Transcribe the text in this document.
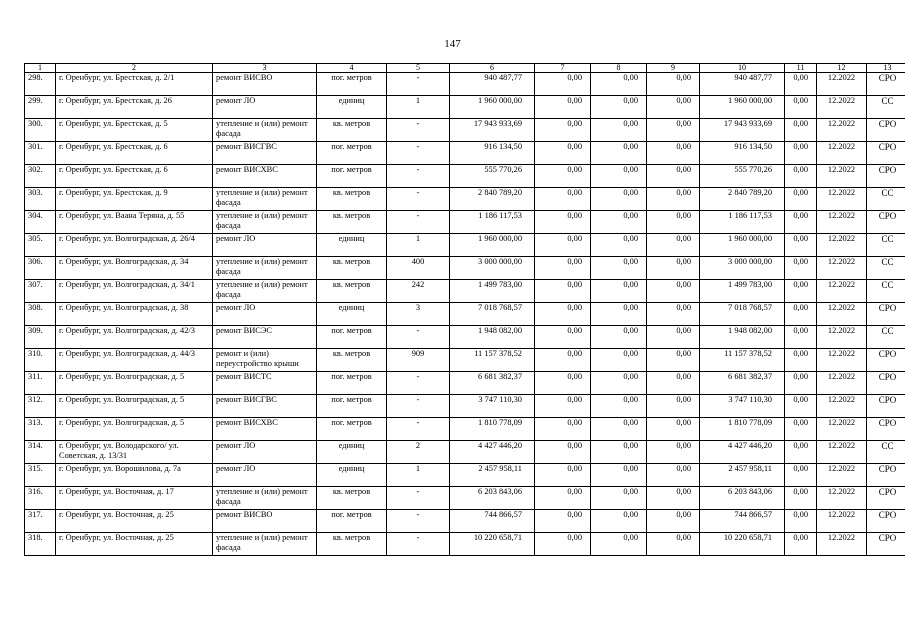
147
1	2	3	4	5	6	7	8	9	10	11	12	13
298.	г. Оренбург, ул. Брестская, д. 2/1	ремонт ВИСВО	пог. метров	-	940 487,77	0,00	0,00	0,00	940 487,77	0,00	12.2022	СРО
299.	г. Оренбург, ул. Брестская, д. 26	ремонт ЛО	единиц	1	1 960 000,00	0,00	0,00	0,00	1 960 000,00	0,00	12.2022	СС
300.	г. Оренбург, ул. Брестская, д. 5	утепление и (или) ремонт фасада	кв. метров	-	17 943 933,69	0,00	0,00	0,00	17 943 933,69	0,00	12.2022	СРО
301.	г. Оренбург, ул. Брестская, д. 6	ремонт ВИСГВС	пог. метров	-	916 134,50	0,00	0,00	0,00	916 134,50	0,00	12.2022	СРО
302.	г. Оренбург, ул. Брестская, д. 6	ремонт ВИСХВС	пог. метров	-	555 770,26	0,00	0,00	0,00	555 770,26	0,00	12.2022	СРО
303.	г. Оренбург, ул. Брестская, д. 9	утепление и (или) ремонт фасада	кв. метров	-	2 840 789,20	0,00	0,00	0,00	2 840 789,20	0,00	12.2022	СС
304.	г. Оренбург, ул. Ваана Теряна, д. 55	утепление и (или) ремонт фасада	кв. метров	-	1 186 117,53	0,00	0,00	0,00	1 186 117,53	0,00	12.2022	СРО
305.	г. Оренбург, ул. Волгоградская, д. 26/4	ремонт ЛО	единиц	1	1 960 000,00	0,00	0,00	0,00	1 960 000,00	0,00	12.2022	СС
306.	г. Оренбург, ул. Волгоградская, д. 34	утепление и (или) ремонт фасада	кв. метров	400	3 000 000,00	0,00	0,00	0,00	3 000 000,00	0,00	12.2022	СС
307.	г. Оренбург, ул. Волгоградская, д. 34/1	утепление и (или) ремонт фасада	кв. метров	242	1 499 783,00	0,00	0,00	0,00	1 499 783,00	0,00	12.2022	СС
308.	г. Оренбург, ул. Волгоградская, д. 38	ремонт ЛО	единиц	3	7 018 768,57	0,00	0,00	0,00	7 018 768,57	0,00	12.2022	СРО
309.	г. Оренбург, ул. Волгоградская, д. 42/3	ремонт ВИСЭС	пог. метров	-	1 948 082,00	0,00	0,00	0,00	1 948 082,00	0,00	12.2022	СС
310.	г. Оренбург, ул. Волгоградская, д. 44/3	ремонт и (или) переустройство крыши	кв. метров	909	11 157 378,52	0,00	0,00	0,00	11 157 378,52	0,00	12.2022	СРО
311.	г. Оренбург, ул. Волгоградская, д. 5	ремонт ВИСТС	пог. метров	-	6 681 382,37	0,00	0,00	0,00	6 681 382,37	0,00	12.2022	СРО
312.	г. Оренбург, ул. Волгоградская, д. 5	ремонт ВИСГВС	пог. метров	-	3 747 110,30	0,00	0,00	0,00	3 747 110,30	0,00	12.2022	СРО
313.	г. Оренбург, ул. Волгоградская, д. 5	ремонт ВИСХВС	пог. метров	-	1 810 778,09	0,00	0,00	0,00	1 810 778,09	0,00	12.2022	СРО
314.	г. Оренбург, ул. Володарского/ ул. Советская, д. 13/31	ремонт ЛО	единиц	2	4 427 446,20	0,00	0,00	0,00	4 427 446,20	0,00	12.2022	СС
315.	г. Оренбург, ул. Ворошилова, д. 7а	ремонт ЛО	единиц	1	2 457 958,11	0,00	0,00	0,00	2 457 958,11	0,00	12.2022	СРО
316.	г. Оренбург, ул. Восточная, д. 17	утепление и (или) ремонт фасада	кв. метров	-	6 203 843,06	0,00	0,00	0,00	6 203 843,06	0,00	12.2022	СРО
317.	г. Оренбург, ул. Восточная, д. 25	ремонт ВИСВО	пог. метров	-	744 866,57	0,00	0,00	0,00	744 866,57	0,00	12.2022	СРО
318.	г. Оренбург, ул. Восточная, д. 25	утепление и (или) ремонт фасада	кв. метров	-	10 220 658,71	0,00	0,00	0,00	10 220 658,71	0,00	12.2022	СРО
